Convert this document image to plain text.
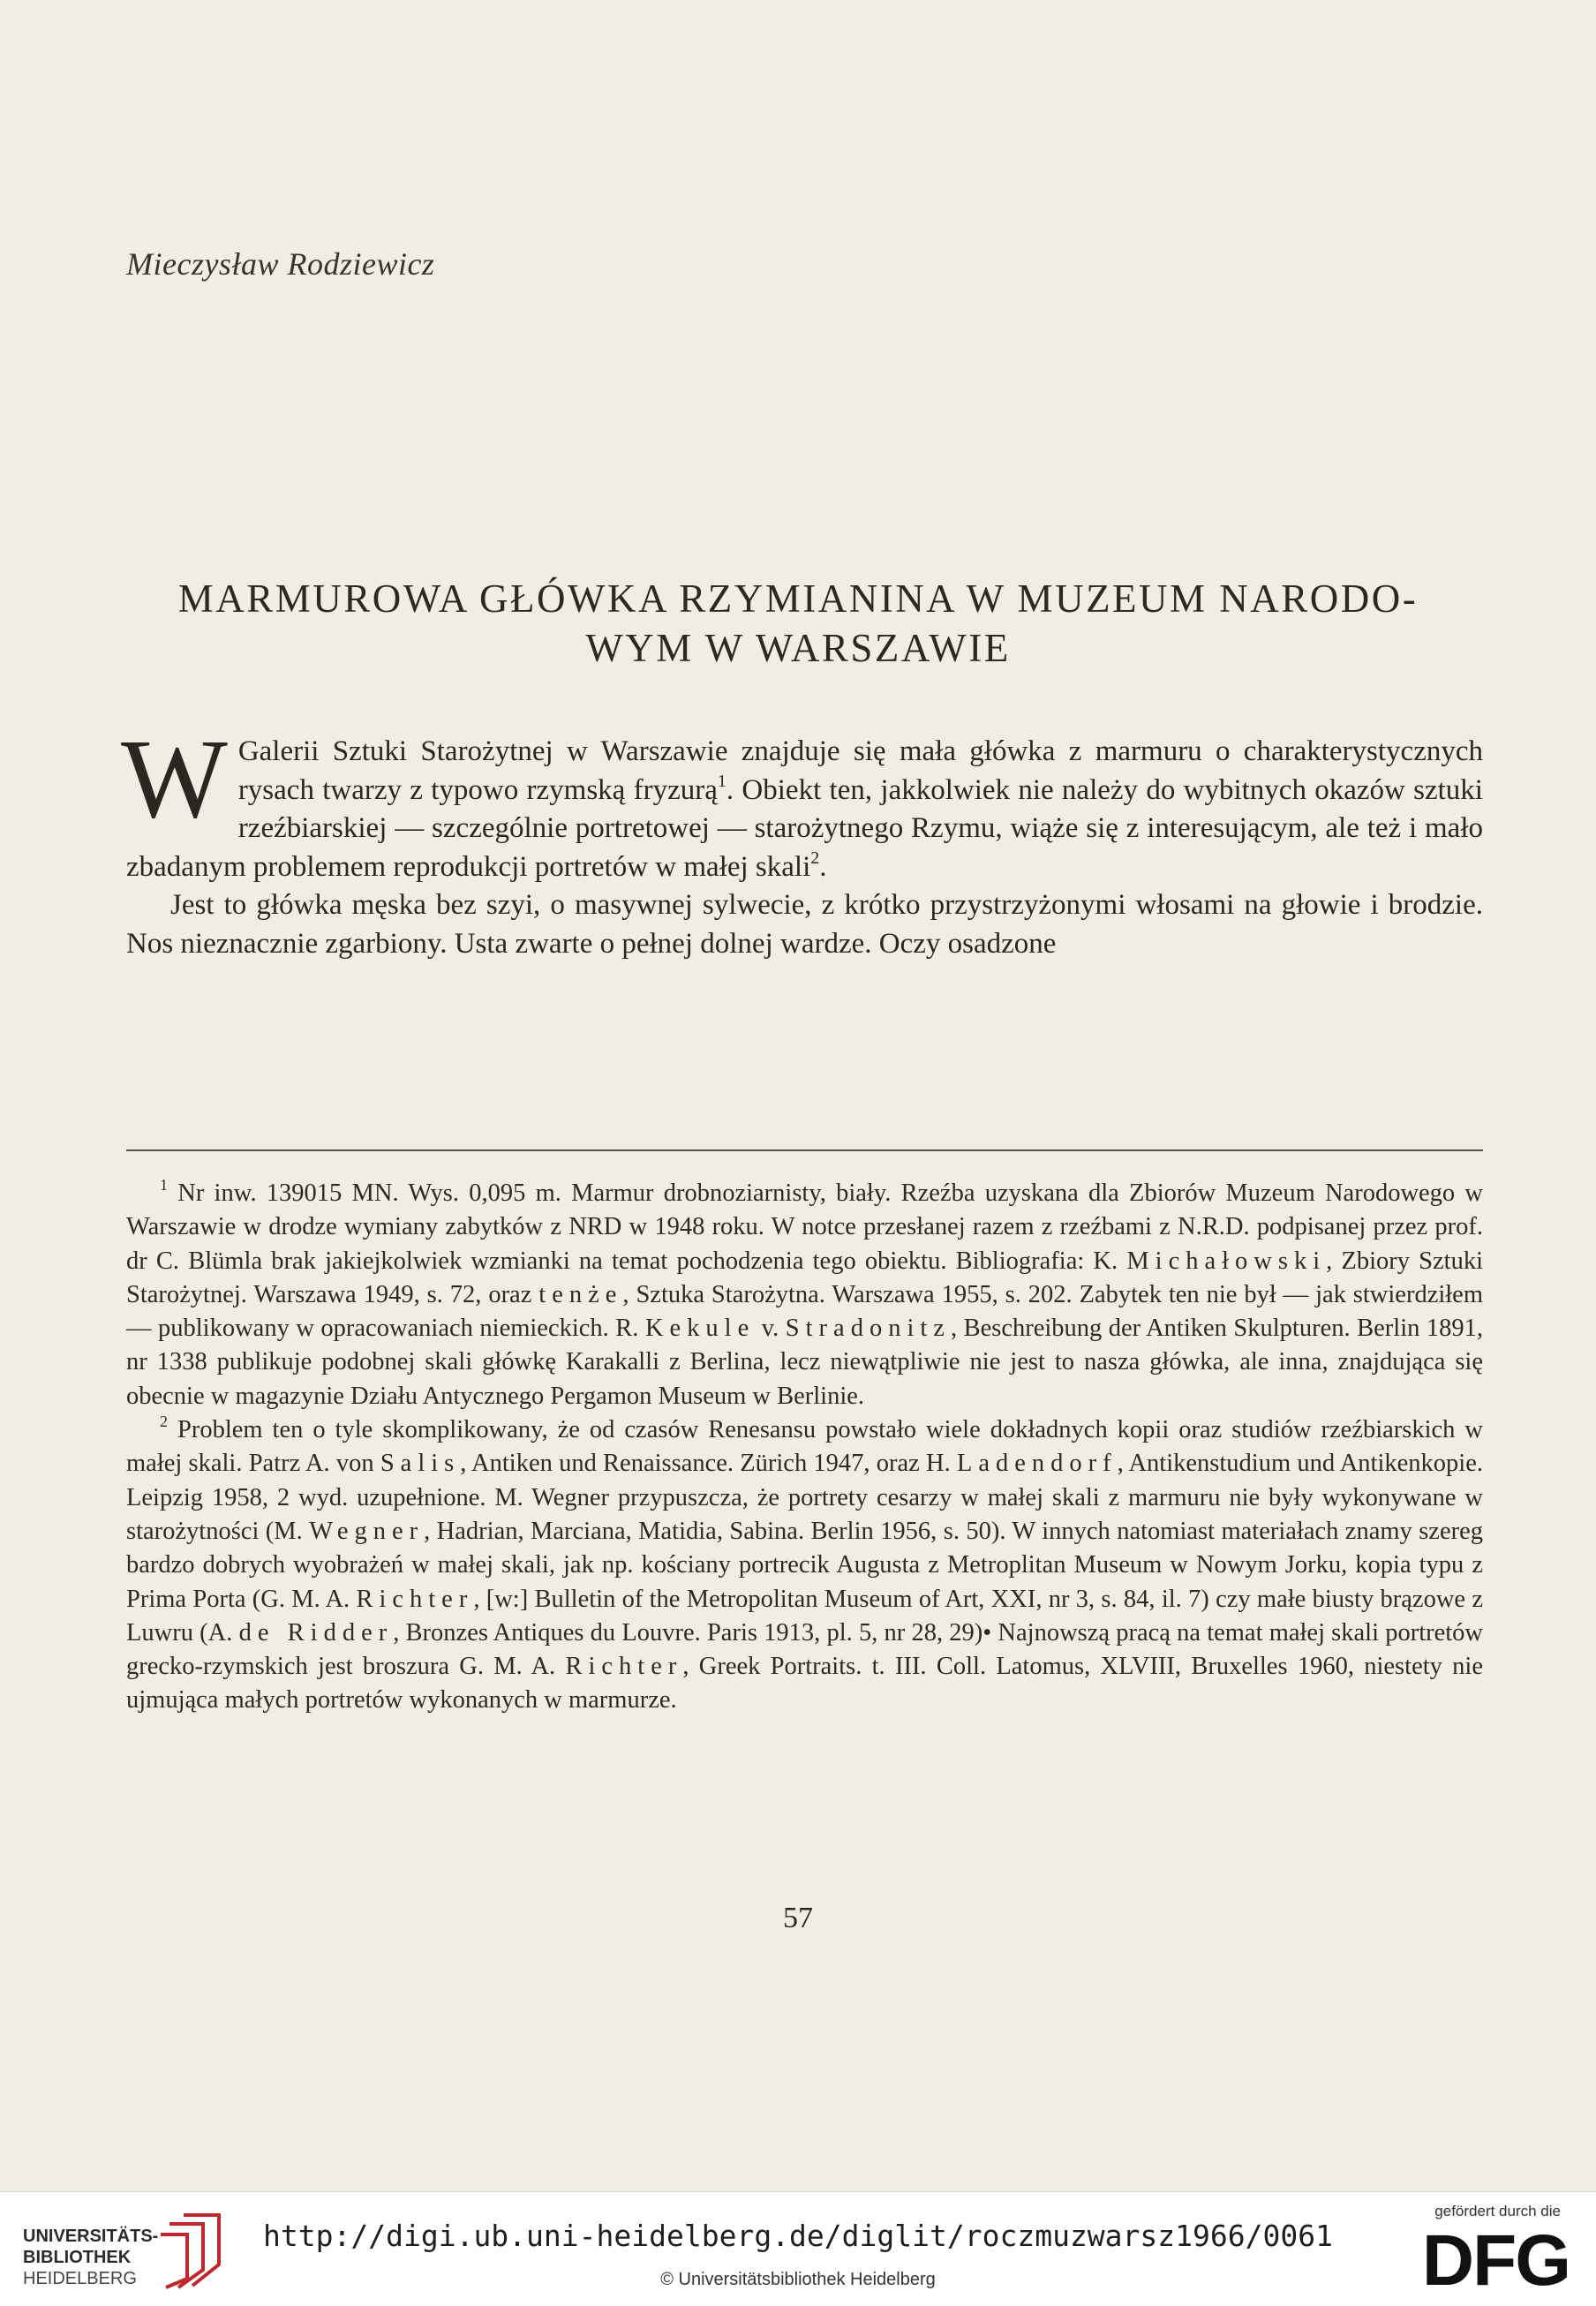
Mieczysław Rodziewicz
MARMUROWA GŁÓWKA RZYMIANINA W MUZEUM NARODO-
WYM W WARSZAWIE

W Galerii Sztuki Starożytnej w Warszawie znajduje się mała główka z marmuru o charakterystycznych rysach twarzy z typowo rzymską fryzurą$^1$. Obiekt ten, jakkolwiek nie należy do wybitnych okazów sztuki rzeźbiarskiej — szczególnie portretowej — starożytnego Rzymu, wiąże się z interesującym, ale też i mało zbadanym problemem reprodukcji portretów w małej skali$^2$.

Jest to główka męska bez szyi, o masywnej sylwecie, z krótko przystrzyżonymi włosami na głowie i brodzie. Nos nieznacznie zgarbiony. Usta zwarte o pełnej dolnej wardze. Oczy osadzone

$^1$ Nr inw. 139015 MN. Wys. 0,095 m. Marmur drobnoziarnisty, biały. Rzeźba uzyskana dla Zbiorów Muzeum Narodowego w Warszawie w drodze wymiany zabytków z NRD w 1948 roku. W notce przesłanej razem z rzeźbami z N.R.D. podpisanej przez prof. dr C. Blümla brak jakiejkolwiek wzmianki na temat pochodzenia tego obiektu. Bibliografia: K. Michałowski, Zbiory Sztuki Starożytnej. Warszawa 1949, s. 72, oraz tenże, Sztuka Starożytna. Warszawa 1955, s. 202. Zabytek ten nie był — jak stwierdziłem — publikowany w opracowaniach niemieckich. R. Kekule v. Stradonitz, Beschreibung der Antiken Skulpturen. Berlin 1891, nr 1338 publikuje podobnej skali główkę Karakalli z Berlina, lecz niewątpliwie nie jest to nasza główka, ale inna, znajdująca się obecnie w magazynie Działu Antycznego Pergamon Museum w Berlinie.

$^2$ Problem ten o tyle skomplikowany, że od czasów Renesansu powstało wiele dokładnych kopii oraz studiów rzeźbiarskich w małej skali. Patrz A. von Salis, Antiken und Renaissance. Zürich 1947, oraz H. Ladendorf, Antikenstudium und Antikenkopie. Leipzig 1958, 2 wyd. uzupełnione. M. Wegner przypuszcza, że portrety cesarzy w małej skali z marmuru nie były wykonywane w starożytności (M. Wegner, Hadrian, Marciana, Matidia, Sabina. Berlin 1956, s. 50). W innych natomiast materiałach znamy szereg bardzo dobrych wyobrażeń w małej skali, jak np. kościany portrecik Augusta z Metroplitan Museum w Nowym Jorku, kopia typu z Prima Porta (G. M. A. Richter, [w:] Bulletin of the Metropolitan Museum of Art, XXI, nr 3, s. 84, il. 7) czy małe biusty brązowe z Luwru (A. de Ridder, Bronzes Antiques du Louvre. Paris 1913, pl. 5, nr 28, 29)• Najnowszą pracą na temat małej skali portretów grecko-rzymskich jest broszura G. M. A. Richter, Greek Portraits. t. III. Coll. Latomus, XLVIII, Bruxelles 1960, niestety nie ujmująca małych portretów wykonanych w marmurze.

57
UNIVERSITÄTS-
BIBLIOTHEK
HEIDELBERG
http://digi.ub.uni-heidelberg.de/diglit/roczmuzwarsz1966/0061
© Universitätsbibliothek Heidelberg
gefördert durch die
DFG
